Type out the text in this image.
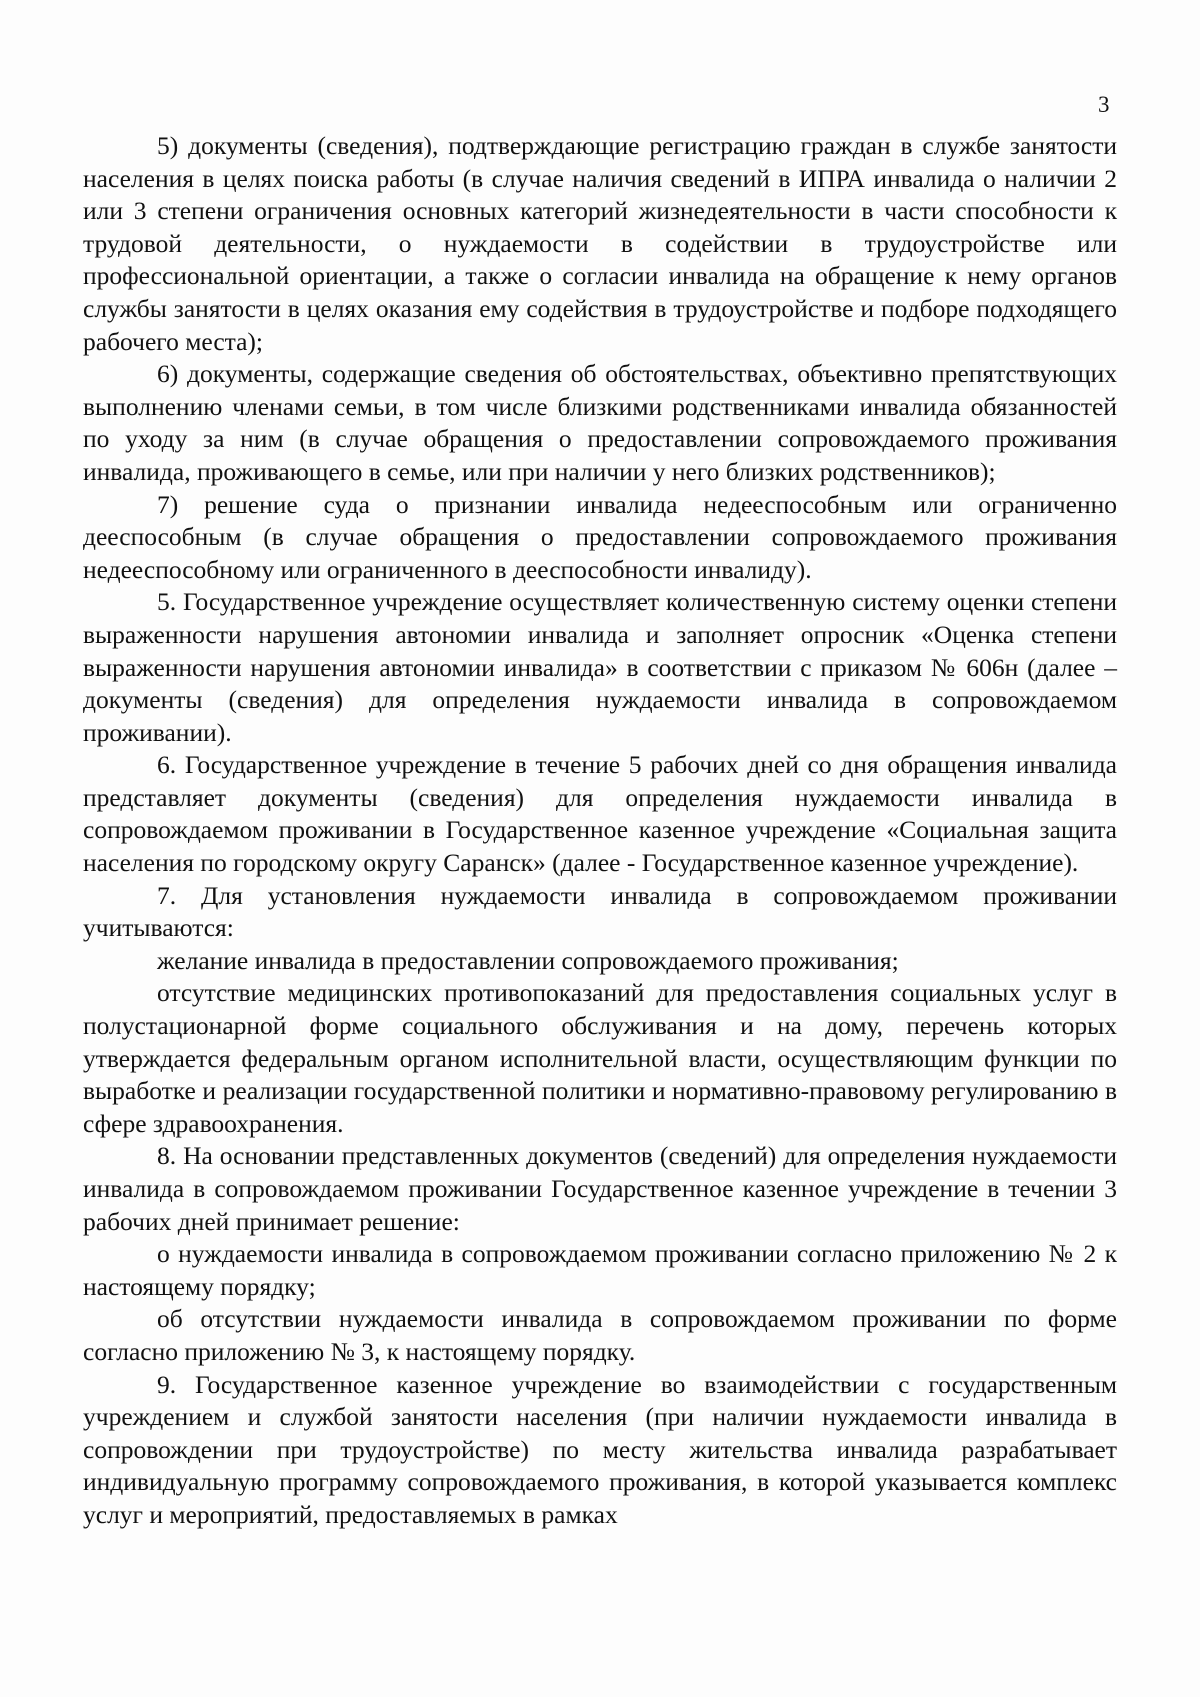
3

5) документы (сведения), подтверждающие регистрацию граждан в службе занятости населения в целях поиска работы (в случае наличия сведений в ИПРА инвалида о наличии 2 или 3 степени ограничения основных категорий жизнедеятельности в части способности к трудовой деятельности, о нуждаемости в содействии в трудоустройстве или профессиональной ориентации, а также о согласии инвалида на обращение к нему органов службы занятости в целях оказания ему содействия в трудоустройстве и подборе подходящего рабочего места);

6) документы, содержащие сведения об обстоятельствах, объективно препятствующих выполнению членами семьи, в том числе близкими родственниками инвалида обязанностей по уходу за ним (в случае обращения о предоставлении сопровождаемого проживания инвалида, проживающего в семье, или при наличии у него близких родственников);

7) решение суда о признании инвалида недееспособным или ограниченно дееспособным (в случае обращения о предоставлении сопровождаемого проживания недееспособному или ограниченного в дееспособности инвалиду).

5. Государственное учреждение осуществляет количественную систему оценки степени выраженности нарушения автономии инвалида и заполняет опросник «Оценка степени выраженности нарушения автономии инвалида» в соответствии с приказом № 606н (далее – документы (сведения) для определения нуждаемости инвалида в сопровождаемом проживании).

6. Государственное учреждение в течение 5 рабочих дней со дня обращения инвалида представляет документы (сведения) для определения нуждаемости инвалида в сопровождаемом проживании в Государственное казенное учреждение «Социальная защита населения по городскому округу Саранск» (далее - Государственное казенное учреждение).

7. Для установления нуждаемости инвалида в сопровождаемом проживании учитываются:

желание инвалида в предоставлении сопровождаемого проживания;

отсутствие медицинских противопоказаний для предоставления социальных услуг в полустационарной форме социального обслуживания и на дому, перечень которых утверждается федеральным органом исполнительной власти, осуществляющим функции по выработке и реализации государственной политики и нормативно-правовому регулированию в сфере здравоохранения.

8. На основании представленных документов (сведений) для определения нуждаемости инвалида в сопровождаемом проживании Государственное казенное учреждение в течении 3 рабочих дней принимает решение:

о нуждаемости инвалида в сопровождаемом проживании согласно приложению № 2 к настоящему порядку;

об отсутствии нуждаемости инвалида в сопровождаемом проживании по форме согласно приложению № 3, к настоящему порядку.

9. Государственное казенное учреждение во взаимодействии с государственным учреждением и службой занятости населения (при наличии нуждаемости инвалида в сопровождении при трудоустройстве) по месту жительства инвалида разрабатывает индивидуальную программу сопровождаемого проживания, в которой указывается комплекс услуг и мероприятий, предоставляемых в рамках
